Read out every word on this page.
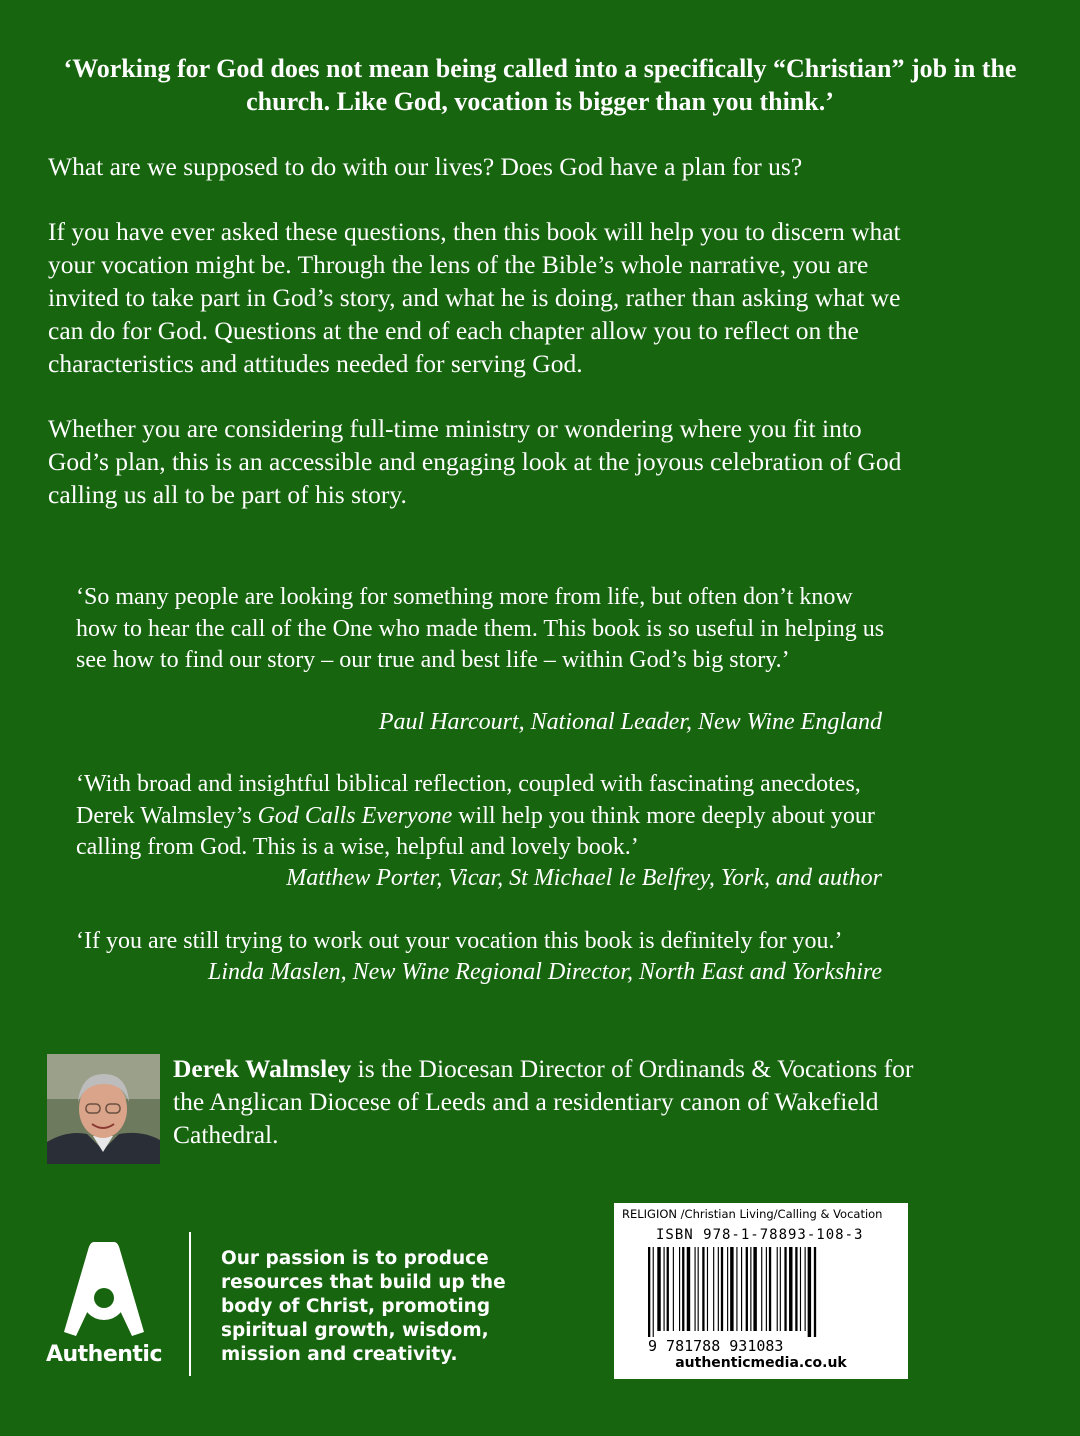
‘Working for God does not mean being called into a specifically “Christian” job in the church. Like God, vocation is bigger than you think.’
What are we supposed to do with our lives? Does God have a plan for us?
If you have ever asked these questions, then this book will help you to discern what your vocation might be. Through the lens of the Bible’s whole narrative, you are invited to take part in God’s story, and what he is doing, rather than asking what we can do for God. Questions at the end of each chapter allow you to reflect on the characteristics and attitudes needed for serving God.
Whether you are considering full-time ministry or wondering where you fit into God’s plan, this is an accessible and engaging look at the joyous celebration of God calling us all to be part of his story.
‘So many people are looking for something more from life, but often don’t know how to hear the call of the One who made them. This book is so useful in helping us see how to find our story – our true and best life – within God’s big story.’
Paul Harcourt, National Leader, New Wine England
‘With broad and insightful biblical reflection, coupled with fascinating anecdotes, Derek Walmsley’s God Calls Everyone will help you think more deeply about your calling from God. This is a wise, helpful and lovely book.’
Matthew Porter, Vicar, St Michael le Belfrey, York, and author
‘If you are still trying to work out your vocation this book is definitely for you.’
Linda Maslen, New Wine Regional Director, North East and Yorkshire
Derek Walmsley is the Diocesan Director of Ordinands & Vocations for the Anglican Diocese of Leeds and a residentiary canon of Wakefield Cathedral.
Authentic
Our passion is to produce resources that build up the body of Christ, promoting spiritual growth, wisdom, mission and creativity.
RELIGION /Christian Living/Calling & Vocation
ISBN 978-1-78893-108-3
9 781788 931083
authenticmedia.co.uk
